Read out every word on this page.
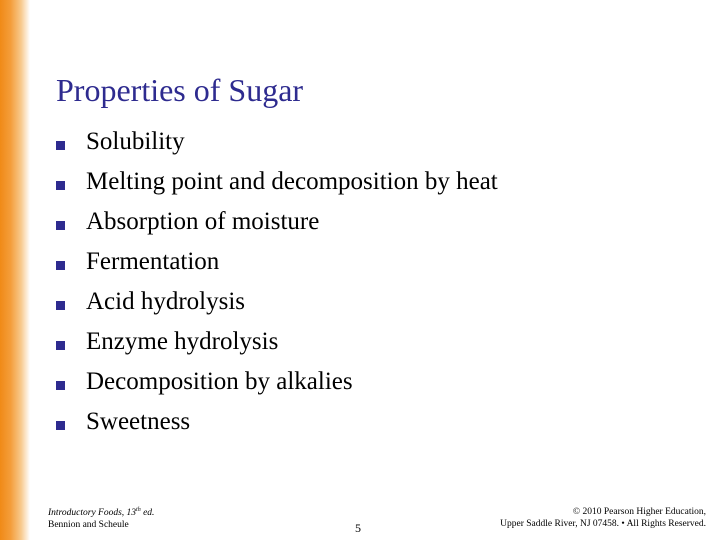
Properties of Sugar
Solubility
Melting point and decomposition by heat
Absorption of moisture
Fermentation
Acid hydrolysis
Enzyme hydrolysis
Decomposition by alkalies
Sweetness
Introductory Foods, 13th ed.
Bennion and Scheule	5
© 2010 Pearson Higher Education,
Upper Saddle River, NJ 07458. • All Rights Reserved.
